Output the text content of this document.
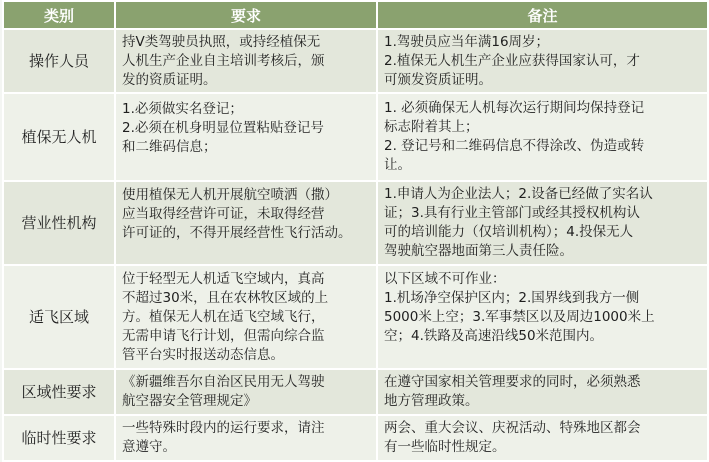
类别	要求	备注
操作人员	持Ⅴ类驾驶员执照，或持经植保无
人机生产企业自主培训考核后，颁
发的资质证明。	1.驾驶员应当年满16周岁；
2.植保无人机生产企业应获得国家认可，才
可颁发资质证明。

植保无人机	1.必须做实名登记；
2.必须在机身明显位置粘贴登记号
和二维码信息；	1. 必须确保无人机每次运行期间均保持登记
标志附着其上；
2. 登记号和二维码信息不得涂改、伪造或转
让。

营业性机构	使用植保无人机开展航空喷洒（撒）
应当取得经营许可证，未取得经营
许可证的，不得开展经营性飞行活动。	1.申请人为企业法人；2.设备已经做了实名认
证；3.具有行业主管部门或经其授权机构认
可的培训能力（仅培训机构）；4.投保无人
驾驶航空器地面第三人责任险。

适飞区域	位于轻型无人机适飞空域内，真高
不超过30米，且在农林牧区域的上
方。植保无人机在适飞空域飞行，
无需申请飞行计划，但需向综合监
管平台实时报送动态信息。	以下区域不可作业：
1.机场净空保护区内；2.国界线到我方一侧
5000米上空；3.军事禁区以及周边1000米上
空；4.铁路及高速沿线50米范围内。

区域性要求	《新疆维吾尔自治区民用无人驾驶
航空器安全管理规定》	在遵守国家相关管理要求的同时，必须熟悉
地方管理政策。

临时性要求	一些特殊时段内的运行要求，请注
意遵守。	两会、重大会议、庆祝活动、特殊地区都会
有一些临时性规定。
